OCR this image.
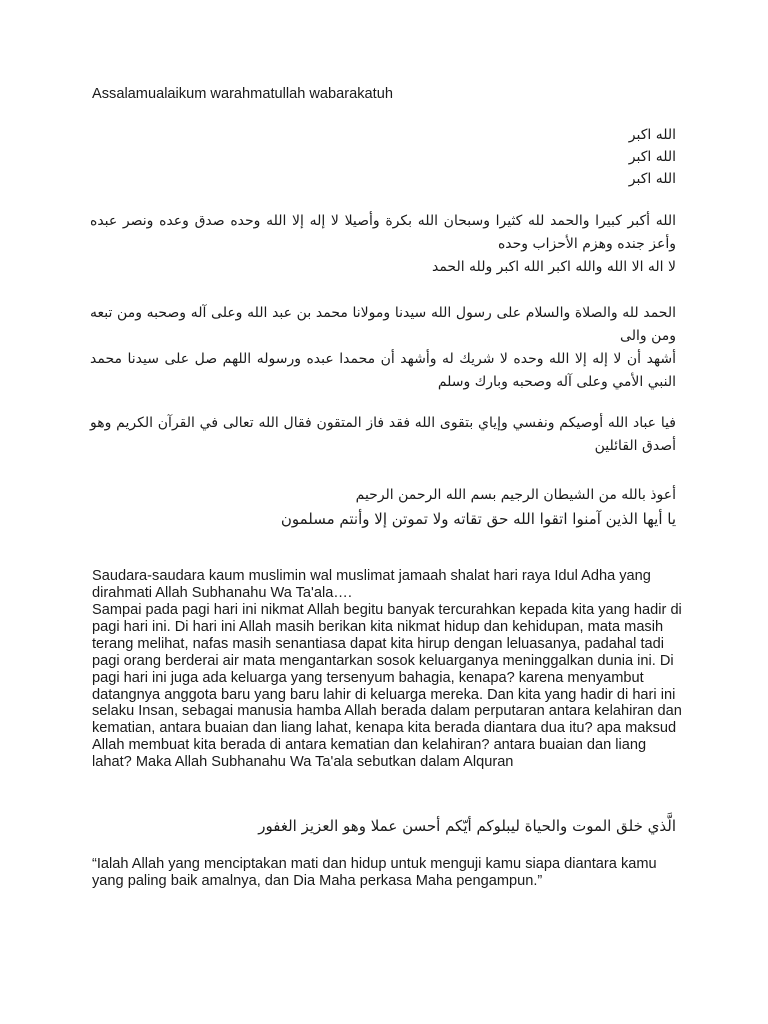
Assalamualaikum warahmatullah wabarakatuh

الله اكبر
الله اكبر
الله اكبر
الله أكبر كبيرا والحمد لله كثيرا وسبحان الله بكرة وأصيلا لا إله إلا الله وحده صدق وعده ونصر عبده
وأعز جنده وهزم الأحزاب وحده
لا اله الا الله والله اكبر الله اكبر ولله الحمد
الحمد لله والصلاة والسلام على رسول الله سيدنا ومولانا محمد بن عبد الله وعلى آله وصحبه ومن تبعه
ومن والى
أشهد أن لا إله إلا الله وحده لا شريك له وأشهد أن محمدا عبده ورسوله اللهم صل على سيدنا محمد
النبي الأمي وعلى آله وصحبه وبارك وسلم
فيا عباد الله أوصيكم ونفسي وإياي بتقوى الله فقد فاز المتقون فقال الله تعالى في القرآن الكريم وهو
أصدق القائلين
أعوذ بالله من الشيطان الرجيم بسم الله الرحمن الرحيم
يا أيها الذين آمنوا اتقوا الله حق تقاته ولا تموتن إلا وأنتم مسلمون

Saudara-saudara kaum muslimin wal muslimat jamaah shalat hari raya Idul Adha yang dirahmati Allah Subhanahu Wa Ta'ala….

Sampai pada pagi hari ini nikmat Allah begitu banyak tercurahkan kepada kita yang hadir di pagi hari ini. Di hari ini Allah masih berikan kita nikmat hidup dan kehidupan, mata masih terang melihat, nafas masih senantiasa dapat kita hirup dengan leluasanya, padahal tadi pagi orang berderai air mata mengantarkan sosok keluarganya meninggalkan dunia ini. Di pagi hari ini juga ada keluarga yang tersenyum bahagia, kenapa? karena menyambut datangnya anggota baru yang baru lahir di keluarga mereka. Dan kita yang hadir di hari ini selaku Insan, sebagai manusia hamba Allah berada dalam perputaran antara kelahiran dan kematian, antara buaian dan liang lahat, kenapa kita berada diantara dua itu? apa maksud Allah membuat kita berada di antara kematian dan kelahiran? antara buaian dan liang lahat? Maka Allah Subhanahu Wa Ta'ala sebutkan dalam Alquran

الَّذي خلق الموت والحياة ليبلوكم أيّكم أحسن عملا وهو العزيز الغفور

“Ialah Allah yang menciptakan mati dan hidup untuk menguji kamu siapa diantara kamu yang paling baik amalnya, dan Dia Maha perkasa Maha pengampun.”
